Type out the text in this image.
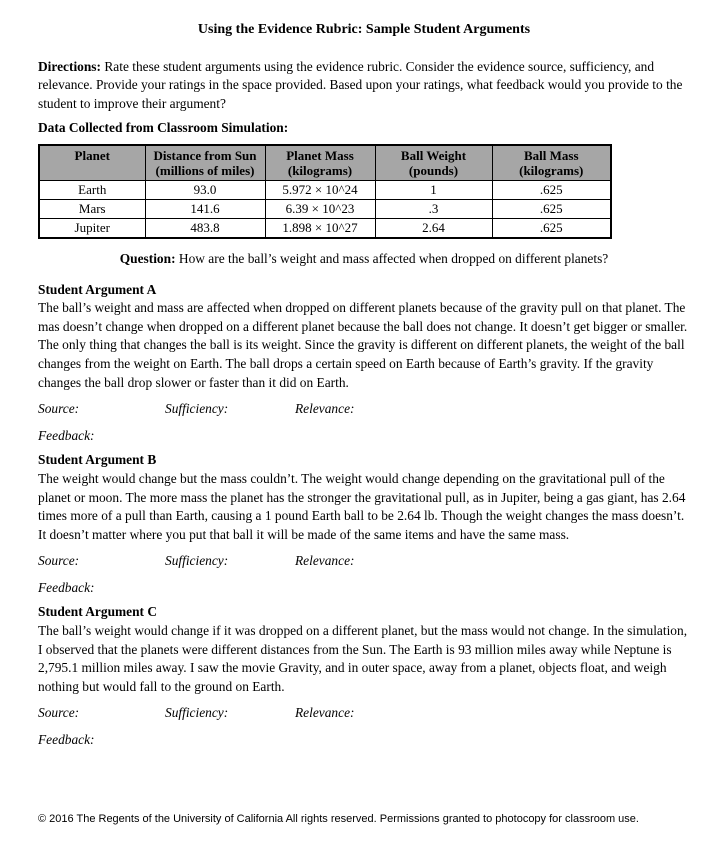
Using the Evidence Rubric: Sample Student Arguments

Directions: Rate these student arguments using the evidence rubric. Consider the evidence source, sufficiency, and relevance. Provide your ratings in the space provided. Based upon your ratings, what feedback would you provide to the student to improve their argument?

Data Collected from Classroom Simulation:

Planet	Distance from Sun (millions of miles)	Planet Mass (kilograms)	Ball Weight (pounds)	Ball Mass (kilograms)
Earth	93.0	5.972 × 10^24	1	.625
Mars	141.6	6.39 × 10^23	.3	.625
Jupiter	483.8	1.898 × 10^27	2.64	.625

Question: How are the ball’s weight and mass affected when dropped on different planets?

Student Argument A

The ball’s weight and mass are affected when dropped on different planets because of the gravity pull on that planet. The mas doesn’t change when dropped on a different planet because the ball does not change. It doesn’t get bigger or smaller. The only thing that changes the ball is its weight. Since the gravity is different on different planets, the weight of the ball changes from the weight on Earth. The ball drops a certain speed on Earth because of Earth’s gravity. If the gravity changes the ball drop slower or faster than it did on Earth.

Source:	Sufficiency:	Relevance:

Feedback:

Student Argument B

The weight would change but the mass couldn’t. The weight would change depending on the gravitational pull of the planet or moon. The more mass the planet has the stronger the gravitational pull, as in Jupiter, being a gas giant, has 2.64 times more of a pull than Earth, causing a 1 pound Earth ball to be 2.64 lb. Though the weight changes the mass doesn’t. It doesn’t matter where you put that ball it will be made of the same items and have the same mass.

Source:	Sufficiency:	Relevance:

Feedback:

Student Argument C

The ball’s weight would change if it was dropped on a different planet, but the mass would not change. In the simulation, I observed that the planets were different distances from the Sun. The Earth is 93 million miles away while Neptune is 2,795.1 million miles away. I saw the movie Gravity, and in outer space, away from a planet, objects float, and weigh nothing but would fall to the ground on Earth.

Source:	Sufficiency:	Relevance:

Feedback:

© 2016 The Regents of the University of California All rights reserved. Permissions granted to photocopy for classroom use.
